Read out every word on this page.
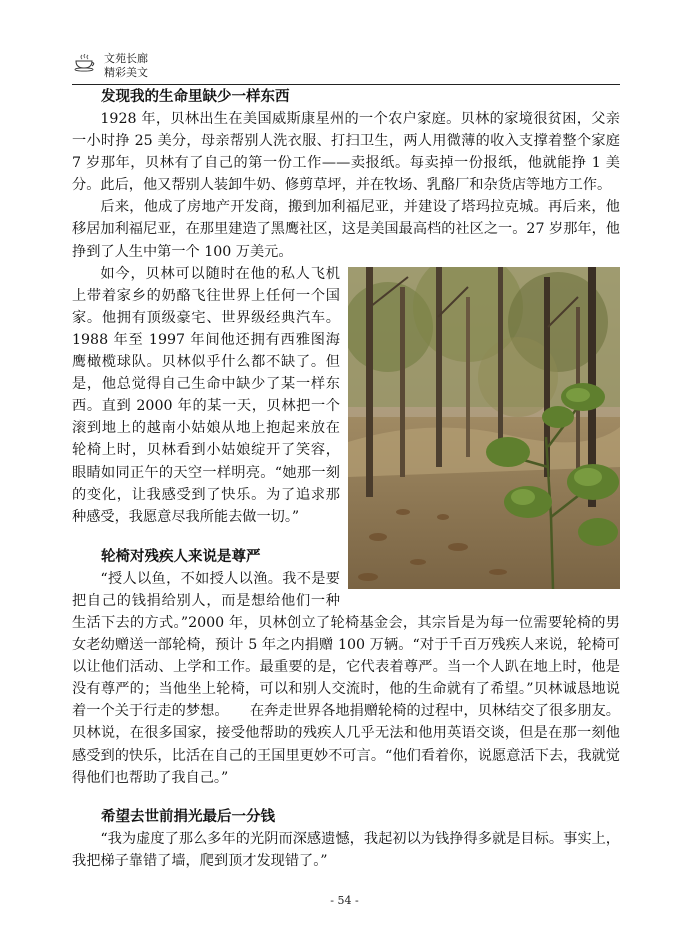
文苑长廊
精彩美文
发现我的生命里缺少一样东西

1928 年，贝林出生在美国威斯康星州的一个农户家庭。贝林的家境很贫困，父亲一小时挣 25 美分，母亲帮别人洗衣服、打扫卫生，两人用微薄的收入支撑着整个家庭 7 岁那年，贝林有了自己的第一份工作——卖报纸。每卖掉一份报纸，他就能挣 1 美分。此后，他又帮别人装卸牛奶、修剪草坪，并在牧场、乳酪厂和杂货店等地方工作。

后来，他成了房地产开发商，搬到加利福尼亚，并建设了塔玛拉克城。再后来，他移居加利福尼亚，在那里建造了黑鹰社区，这是美国最高档的社区之一。27 岁那年，他挣到了人生中第一个 100 万美元。

如今，贝林可以随时在他的私人飞机上带着家乡的奶酪飞往世界上任何一个国家。他拥有顶级豪宅、世界级经典汽车。1988 年至 1997 年间他还拥有西雅图海鹰橄榄球队。贝林似乎什么都不缺了。但是，他总觉得自己生命中缺少了某一样东西。直到 2000 年的某一天，贝林把一个滚到地上的越南小姑娘从地上抱起来放在轮椅上时，贝林看到小姑娘绽开了笑容，眼睛如同正午的天空一样明亮。“她那一刻的变化，让我感受到了快乐。为了追求那种感受，我愿意尽我所能去做一切。”

轮椅对残疾人来说是尊严

“授人以鱼，不如授人以渔。我不是要把自己的钱捐给别人，而是想给他们一种生活下去的方式。”2000 年，贝林创立了轮椅基金会，其宗旨是为每一位需要轮椅的男女老幼赠送一部轮椅，预计 5 年之内捐赠 100 万辆。“对于千百万残疾人来说，轮椅可以让他们活动、上学和工作。最重要的是，它代表着尊严。当一个人趴在地上时，他是没有尊严的；当他坐上轮椅，可以和别人交流时，他的生命就有了希望。”贝林诚恳地说着一个关于行走的梦想。　　在奔走世界各地捐赠轮椅的过程中，贝林结交了很多朋友。贝林说，在很多国家，接受他帮助的残疾人几乎无法和他用英语交谈，但是在那一刻他感受到的快乐，比活在自己的王国里更妙不可言。“他们看着你，说愿意活下去，我就觉得他们也帮助了我自己。”

希望去世前捐光最后一分钱

“我为虚度了那么多年的光阴而深感遗憾，我起初以为钱挣得多就是目标。事实上，我把梯子靠错了墙，爬到顶才发现错了。”

- 54 -
